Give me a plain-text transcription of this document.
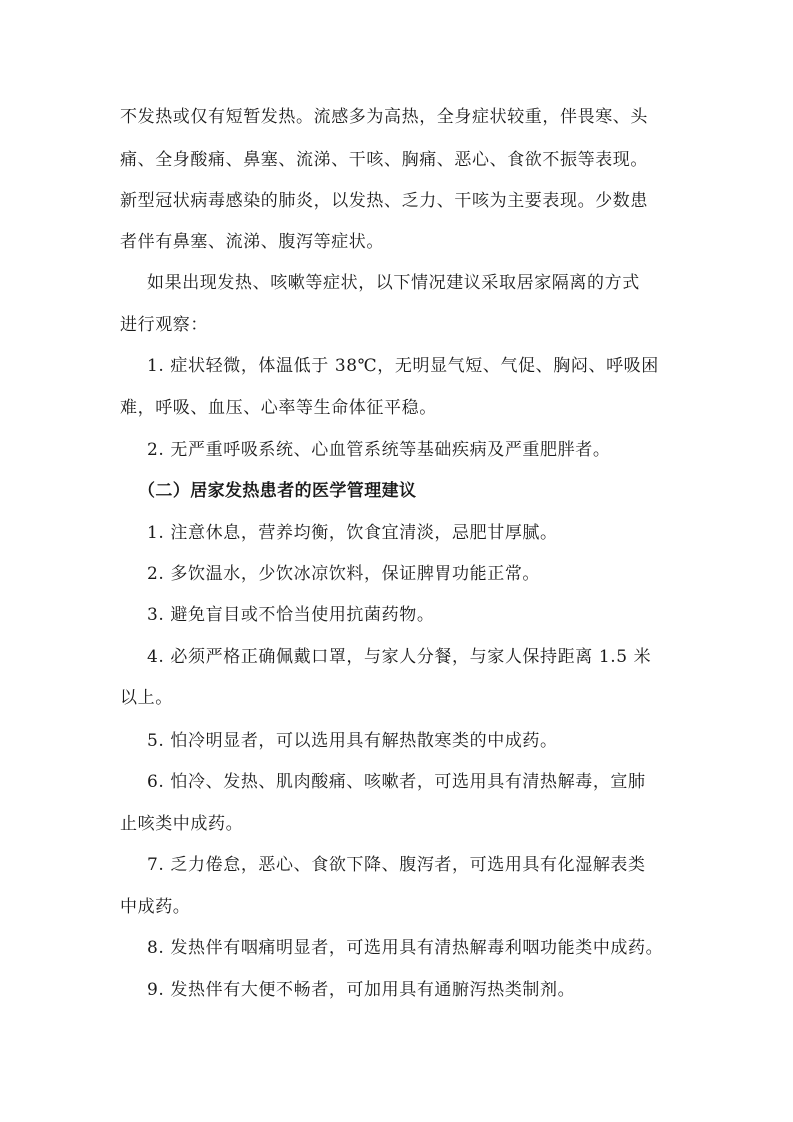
不发热或仅有短暂发热。流感多为高热，全身症状较重，伴畏寒、头
痛、全身酸痛、鼻塞、流涕、干咳、胸痛、恶心、食欲不振等表现。
新型冠状病毒感染的肺炎，以发热、乏力、干咳为主要表现。少数患
者伴有鼻塞、流涕、腹泻等症状。
如果出现发热、咳嗽等症状，以下情况建议采取居家隔离的方式
进行观察：
1. 症状轻微，体温低于 38℃，无明显气短、气促、胸闷、呼吸困
难，呼吸、血压、心率等生命体征平稳。
2. 无严重呼吸系统、心血管系统等基础疾病及严重肥胖者。
（二）居家发热患者的医学管理建议
1. 注意休息，营养均衡，饮食宜清淡，忌肥甘厚腻。
2. 多饮温水，少饮冰凉饮料，保证脾胃功能正常。
3. 避免盲目或不恰当使用抗菌药物。
4. 必须严格正确佩戴口罩，与家人分餐，与家人保持距离 1.5 米
以上。
5. 怕冷明显者，可以选用具有解热散寒类的中成药。
6. 怕冷、发热、肌肉酸痛、咳嗽者，可选用具有清热解毒，宣肺
止咳类中成药。
7. 乏力倦怠，恶心、食欲下降、腹泻者，可选用具有化湿解表类
中成药。
8. 发热伴有咽痛明显者，可选用具有清热解毒利咽功能类中成药。
9. 发热伴有大便不畅者，可加用具有通腑泻热类制剂。
